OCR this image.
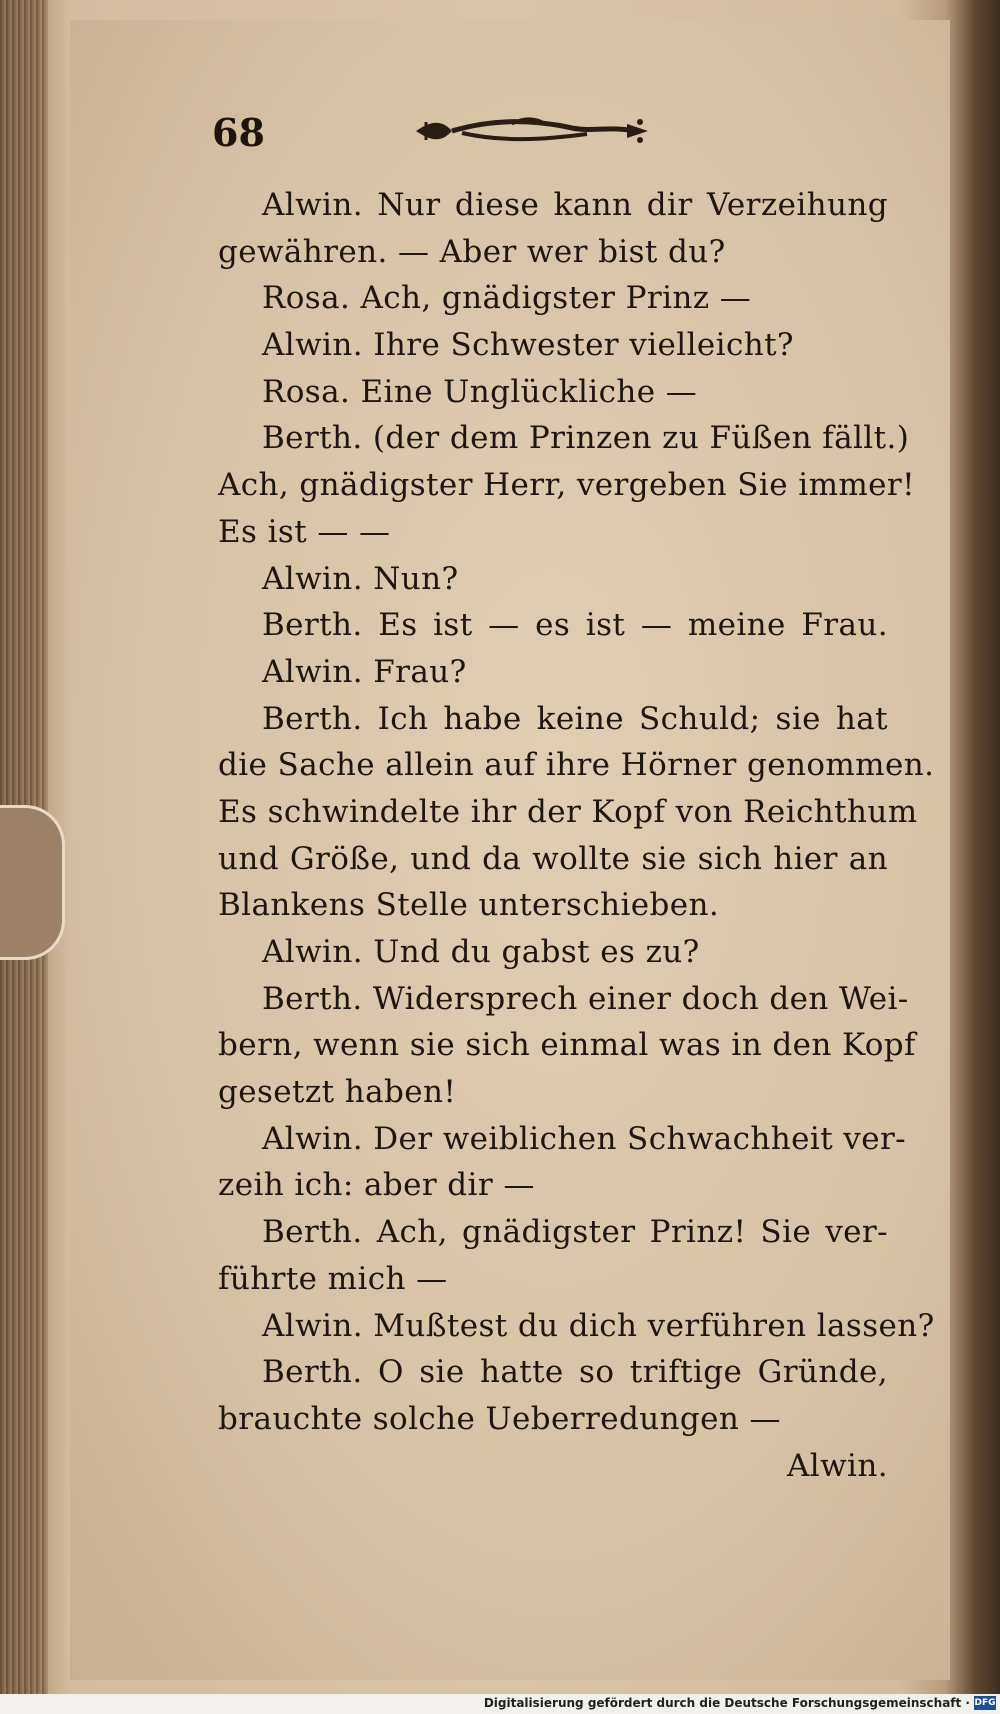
68
Alwin. Nur diese kann dir Verzeihung
gewähren. — Aber wer bist du?
Rosa. Ach, gnädigster Prinz —
Alwin. Ihre Schwester vielleicht?
Rosa. Eine Unglückliche —
Berth. (der dem Prinzen zu Füßen fällt.)
Ach, gnädigster Herr, vergeben Sie immer!
Es ist — —
Alwin. Nun?
Berth. Es ist — es ist — meine Frau.
Alwin. Frau?
Berth. Ich habe keine Schuld; sie hat
die Sache allein auf ihre Hörner genommen.
Es schwindelte ihr der Kopf von Reichthum
und Größe, und da wollte sie sich hier an
Blankens Stelle unterschieben.
Alwin. Und du gabst es zu?
Berth. Widersprech einer doch den Wei-
bern, wenn sie sich einmal was in den Kopf
gesetzt haben!
Alwin. Der weiblichen Schwachheit ver-
zeih ich: aber dir —
Berth. Ach, gnädigster Prinz! Sie ver-
führte mich —
Alwin. Mußtest du dich verführen lassen?
Berth. O sie hatte so triftige Gründe,
brauchte solche Ueberredungen —
Alwin.
Digitalisierung gefördert durch die Deutsche Forschungsgemeinschaft · DFG
